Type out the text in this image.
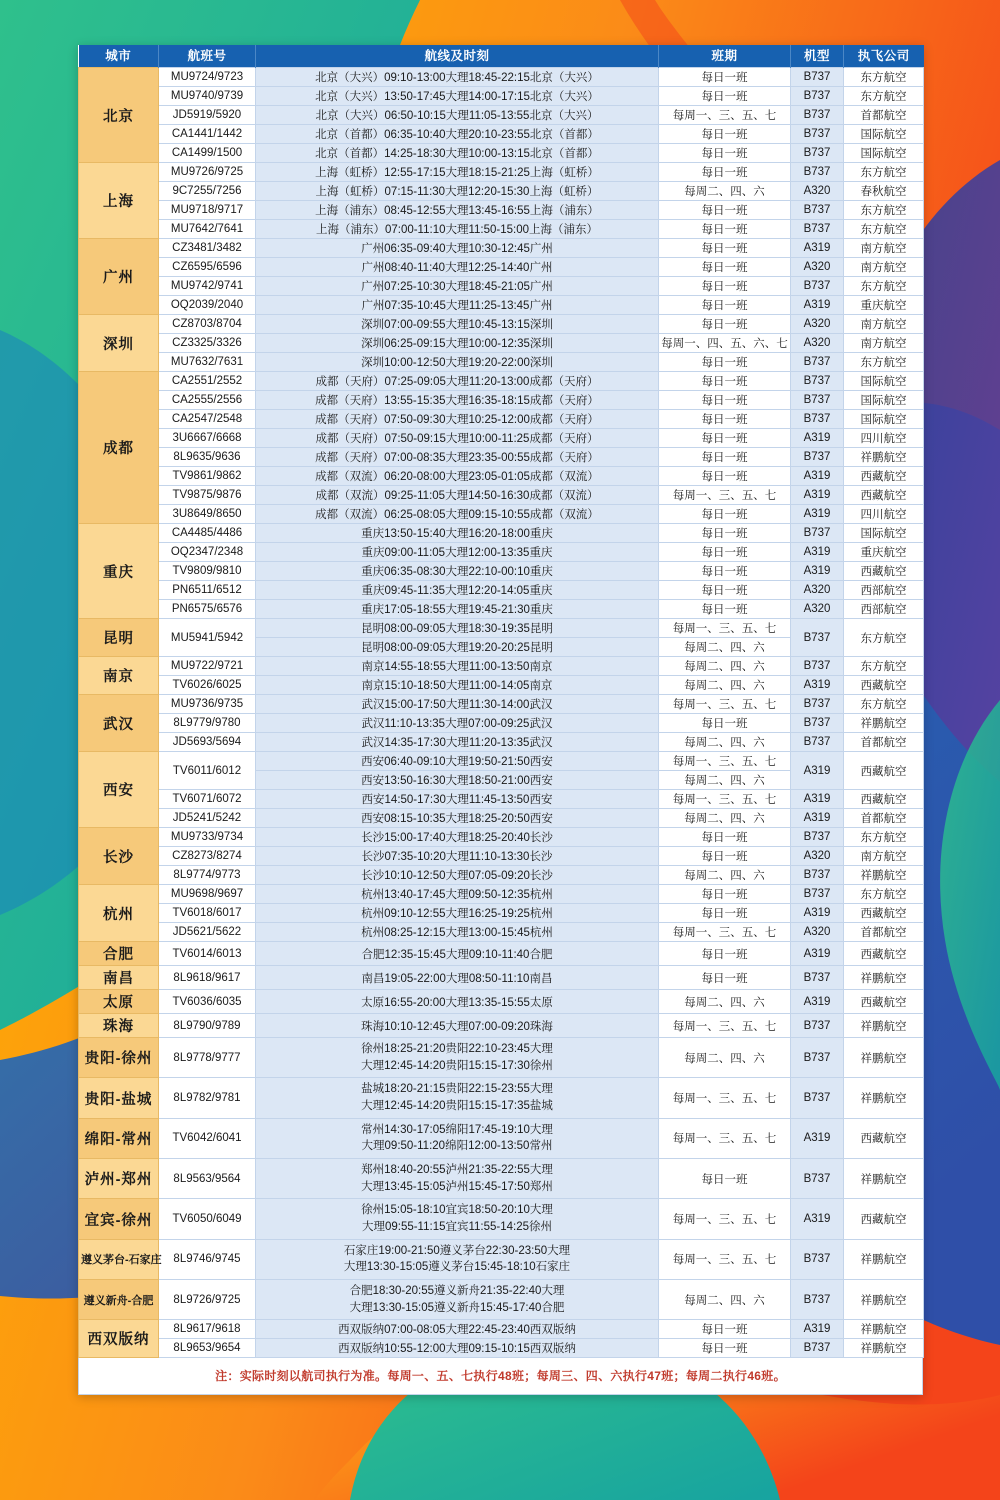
城市	航班号	航线及时刻	班期	机型	执飞公司
北京	MU9724/9723	北京（大兴）09:10-13:00大理18:45-22:15北京（大兴）	每日一班	B737	东方航空
	MU9740/9739	北京（大兴）13:50-17:45大理14:00-17:15北京（大兴）	每日一班	B737	东方航空
	JD5919/5920	北京（大兴）06:50-10:15大理11:05-13:55北京（大兴）	每周一、三、五、七	B737	首都航空
	CA1441/1442	北京（首都）06:35-10:40大理20:10-23:55北京（首都）	每日一班	B737	国际航空
	CA1499/1500	北京（首都）14:25-18:30大理10:00-13:15北京（首都）	每日一班	B737	国际航空
上海	MU9726/9725	上海（虹桥）12:55-17:15大理18:15-21:25上海（虹桥）	每日一班	B737	东方航空
	9C7255/7256	上海（虹桥）07:15-11:30大理12:20-15:30上海（虹桥）	每周二、四、六	A320	春秋航空
	MU9718/9717	上海（浦东）08:45-12:55大理13:45-16:55上海（浦东）	每日一班	B737	东方航空
	MU7642/7641	上海（浦东）07:00-11:10大理11:50-15:00上海（浦东）	每日一班	B737	东方航空
广州	CZ3481/3482	广州06:35-09:40大理10:30-12:45广州	每日一班	A319	南方航空
	CZ6595/6596	广州08:40-11:40大理12:25-14:40广州	每日一班	A320	南方航空
	MU9742/9741	广州07:25-10:30大理18:45-21:05广州	每日一班	B737	东方航空
	OQ2039/2040	广州07:35-10:45大理11:25-13:45广州	每日一班	A319	重庆航空
深圳	CZ8703/8704	深圳07:00-09:55大理10:45-13:15深圳	每日一班	A320	南方航空
	CZ3325/3326	深圳06:25-09:15大理10:00-12:35深圳	每周一、四、五、六、七	A320	南方航空
	MU7632/7631	深圳10:00-12:50大理19:20-22:00深圳	每日一班	B737	东方航空
成都	CA2551/2552	成都（天府）07:25-09:05大理11:20-13:00成都（天府）	每日一班	B737	国际航空
	CA2555/2556	成都（天府）13:55-15:35大理16:35-18:15成都（天府）	每日一班	B737	国际航空
	CA2547/2548	成都（天府）07:50-09:30大理10:25-12:00成都（天府）	每日一班	B737	国际航空
	3U6667/6668	成都（天府）07:50-09:15大理10:00-11:25成都（天府）	每日一班	A319	四川航空
	8L9635/9636	成都（天府）07:00-08:35大理23:35-00:55成都（天府）	每日一班	B737	祥鹏航空
	TV9861/9862	成都（双流）06:20-08:00大理23:05-01:05成都（双流）	每日一班	A319	西藏航空
	TV9875/9876	成都（双流）09:25-11:05大理14:50-16:30成都（双流）	每周一、三、五、七	A319	西藏航空
	3U8649/8650	成都（双流）06:25-08:05大理09:15-10:55成都（双流）	每日一班	A319	四川航空
重庆	CA4485/4486	重庆13:50-15:40大理16:20-18:00重庆	每日一班	B737	国际航空
	OQ2347/2348	重庆09:00-11:05大理12:00-13:35重庆	每日一班	A319	重庆航空
	TV9809/9810	重庆06:35-08:30大理22:10-00:10重庆	每日一班	A319	西藏航空
	PN6511/6512	重庆09:45-11:35大理12:20-14:05重庆	每日一班	A320	西部航空
	PN6575/6576	重庆17:05-18:55大理19:45-21:30重庆	每日一班	A320	西部航空
昆明	MU5941/5942	昆明08:00-09:05大理18:30-19:35昆明	每周一、三、五、七	B737	东方航空
		昆明08:00-09:05大理19:20-20:25昆明	每周二、四、六		
南京	MU9722/9721	南京14:55-18:55大理11:00-13:50南京	每周二、四、六	B737	东方航空
	TV6026/6025	南京15:10-18:50大理11:00-14:05南京	每周二、四、六	A319	西藏航空
武汉	MU9736/9735	武汉15:00-17:50大理11:30-14:00武汉	每周一、三、五、七	B737	东方航空
	8L9779/9780	武汉11:10-13:35大理07:00-09:25武汉	每日一班	B737	祥鹏航空
	JD5693/5694	武汉14:35-17:30大理11:20-13:35武汉	每周二、四、六	B737	首都航空
西安	TV6011/6012	西安06:40-09:10大理19:50-21:50西安	每周一、三、五、七	A319	西藏航空
		西安13:50-16:30大理18:50-21:00西安	每周二、四、六		
	TV6071/6072	西安14:50-17:30大理11:45-13:50西安	每周一、三、五、七	A319	西藏航空
	JD5241/5242	西安08:15-10:35大理18:25-20:50西安	每周二、四、六	A319	首都航空
长沙	MU9733/9734	长沙15:00-17:40大理18:25-20:40长沙	每日一班	B737	东方航空
	CZ8273/8274	长沙07:35-10:20大理11:10-13:30长沙	每日一班	A320	南方航空
	8L9774/9773	长沙10:10-12:50大理07:05-09:20长沙	每周二、四、六	B737	祥鹏航空
杭州	MU9698/9697	杭州13:40-17:45大理09:50-12:35杭州	每日一班	B737	东方航空
	TV6018/6017	杭州09:10-12:55大理16:25-19:25杭州	每日一班	A319	西藏航空
	JD5621/5622	杭州08:25-12:15大理13:00-15:45杭州	每周一、三、五、七	A320	首都航空
合肥	TV6014/6013	合肥12:35-15:45大理09:10-11:40合肥	每日一班	A319	西藏航空
南昌	8L9618/9617	南昌19:05-22:00大理08:50-11:10南昌	每日一班	B737	祥鹏航空
太原	TV6036/6035	太原16:55-20:00大理13:35-15:55太原	每周二、四、六	A319	西藏航空
珠海	8L9790/9789	珠海10:10-12:45大理07:00-09:20珠海	每周一、三、五、七	B737	祥鹏航空
贵阳-徐州	8L9778/9777	徐州18:25-21:20贵阳22:10-23:45大理
大理12:45-14:20贵阳15:15-17:30徐州	每周二、四、六	B737	祥鹏航空
贵阳-盐城	8L9782/9781	盐城18:20-21:15贵阳22:15-23:55大理
大理12:45-14:20贵阳15:15-17:35盐城	每周一、三、五、七	B737	祥鹏航空
绵阳-常州	TV6042/6041	常州14:30-17:05绵阳17:45-19:10大理
大理09:50-11:20绵阳12:00-13:50常州	每周一、三、五、七	A319	西藏航空
泸州-郑州	8L9563/9564	郑州18:40-20:55泸州21:35-22:55大理
大理13:45-15:05泸州15:45-17:50郑州	每日一班	B737	祥鹏航空
宜宾-徐州	TV6050/6049	徐州15:05-18:10宜宾18:50-20:10大理
大理09:55-11:15宜宾11:55-14:25徐州	每周一、三、五、七	A319	西藏航空
遵义茅台-石家庄	8L9746/9745	石家庄19:00-21:50遵义茅台22:30-23:50大理
大理13:30-15:05遵义茅台15:45-18:10石家庄	每周一、三、五、七	B737	祥鹏航空
遵义新舟-合肥	8L9726/9725	合肥18:30-20:55遵义新舟21:35-22:40大理
大理13:30-15:05遵义新舟15:45-17:40合肥	每周二、四、六	B737	祥鹏航空
西双版纳	8L9617/9618	西双版纳07:00-08:05大理22:45-23:40西双版纳	每日一班	A319	祥鹏航空
	8L9653/9654	西双版纳10:55-12:00大理09:15-10:15西双版纳	每日一班	B737	祥鹏航空
注：实际时刻以航司执行为准。每周一、五、七执行48班；每周三、四、六执行47班；每周二执行46班。
